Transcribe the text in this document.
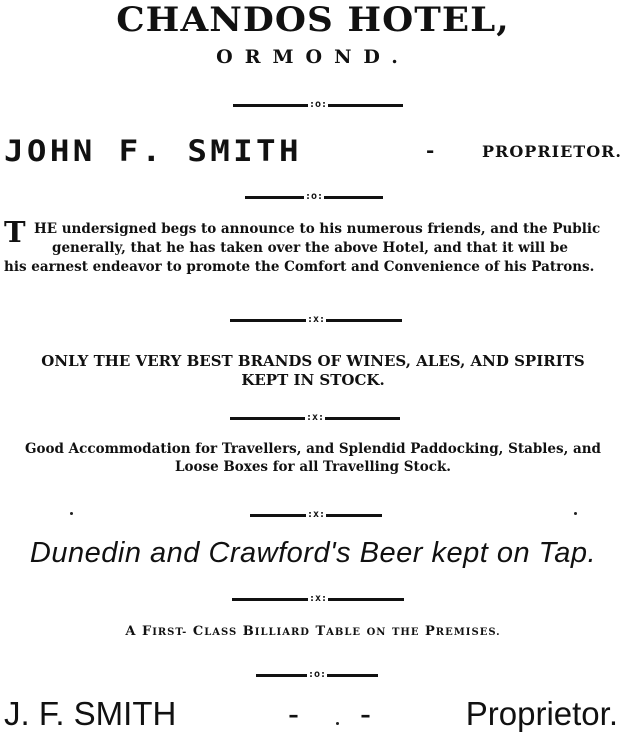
CHANDOS HOTEL,
ORMOND.
:o:
JOHN F. SMITH	-	PROPRIETOR.
:o:
T HE undersigned begs to announce to his numerous friends, and the Public
generally, that he has taken over the above Hotel, and that it will be
his earnest endeavor to promote the Comfort and Convenience of his Patrons.
:x:
ONLY THE VERY BEST BRANDS OF WINES, ALES, AND SPIRITS
KEPT IN STOCK.
:x:
Good Accommodation for Travellers, and Splendid Paddocking, Stables, and
Loose Boxes for all Travelling Stock.
:x:
Dunedin and Crawford's Beer kept on Tap.
:x:
A FIRST- CLASS BILLIARD TABLE ON THE PREMISES.
:o:
J. F. SMITH	- -	Proprietor.
